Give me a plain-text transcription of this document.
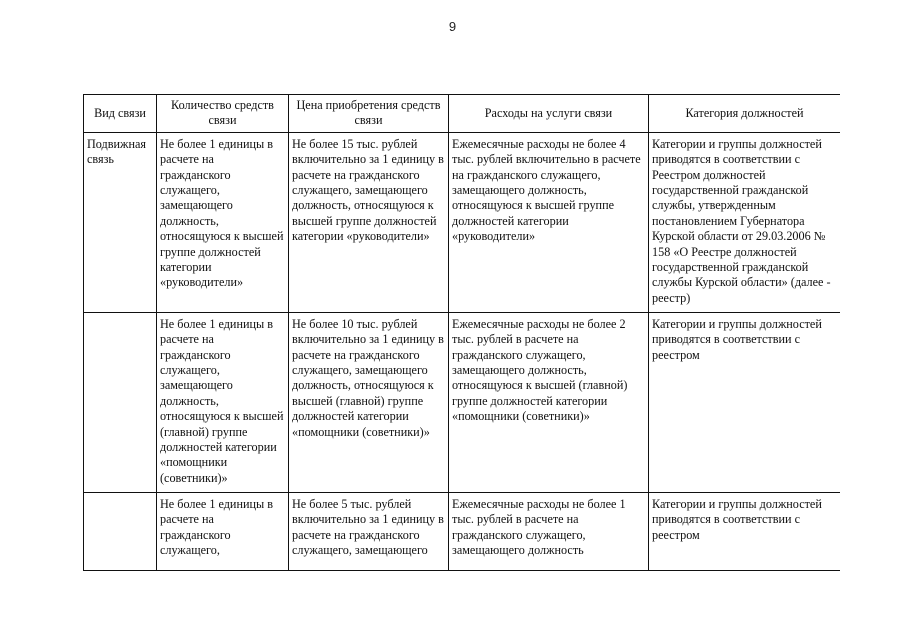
9
Вид связи	Количество средств связи	Цена приобретения средств связи	Расходы на услуги связи	Категория должностей
Подвижная связь	Не более 1 единицы в расчете на гражданского служащего, замещающего должность, относящуюся к высшей группе должностей категории «руководители»	Не более 15 тыс. рублей включительно за 1 единицу в расчете на гражданского служащего, замещающего должность, относящуюся к высшей группе должностей категории «руководители»	Ежемесячные расходы не более 4 тыс. рублей включительно в расчете на гражданского служащего, замещающего должность, относящуюся к высшей группе должностей категории «руководители»	Категории и группы должностей приводятся в соответствии с Реестром должностей государственной гражданской службы, утвержденным постановлением Губернатора Курской области от 29.03.2006 № 158 «О Реестре должностей государственной гражданской службы Курской области» (далее - реестр)
	Не более 1 единицы в расчете на гражданского служащего, замещающего должность, относящуюся к высшей (главной) группе должностей категории «помощники (советники)»	Не более 10 тыс. рублей включительно за 1 единицу в расчете на гражданского служащего, замещающего должность, относящуюся к высшей (главной) группе должностей категории «помощники (советники)»	Ежемесячные расходы не более 2 тыс. рублей в расчете на гражданского служащего, замещающего должность, относящуюся к высшей (главной) группе должностей категории «помощники (советники)»	Категории и группы должностей приводятся в соответствии с реестром
	Не более 1 единицы в расчете на гражданского служащего,	Не более 5 тыс. рублей включительно за 1 единицу в расчете на гражданского служащего, замещающего	Ежемесячные расходы не более 1 тыс. рублей в расчете на гражданского служащего, замещающего должность	Категории и группы должностей приводятся в соответствии с реестром
